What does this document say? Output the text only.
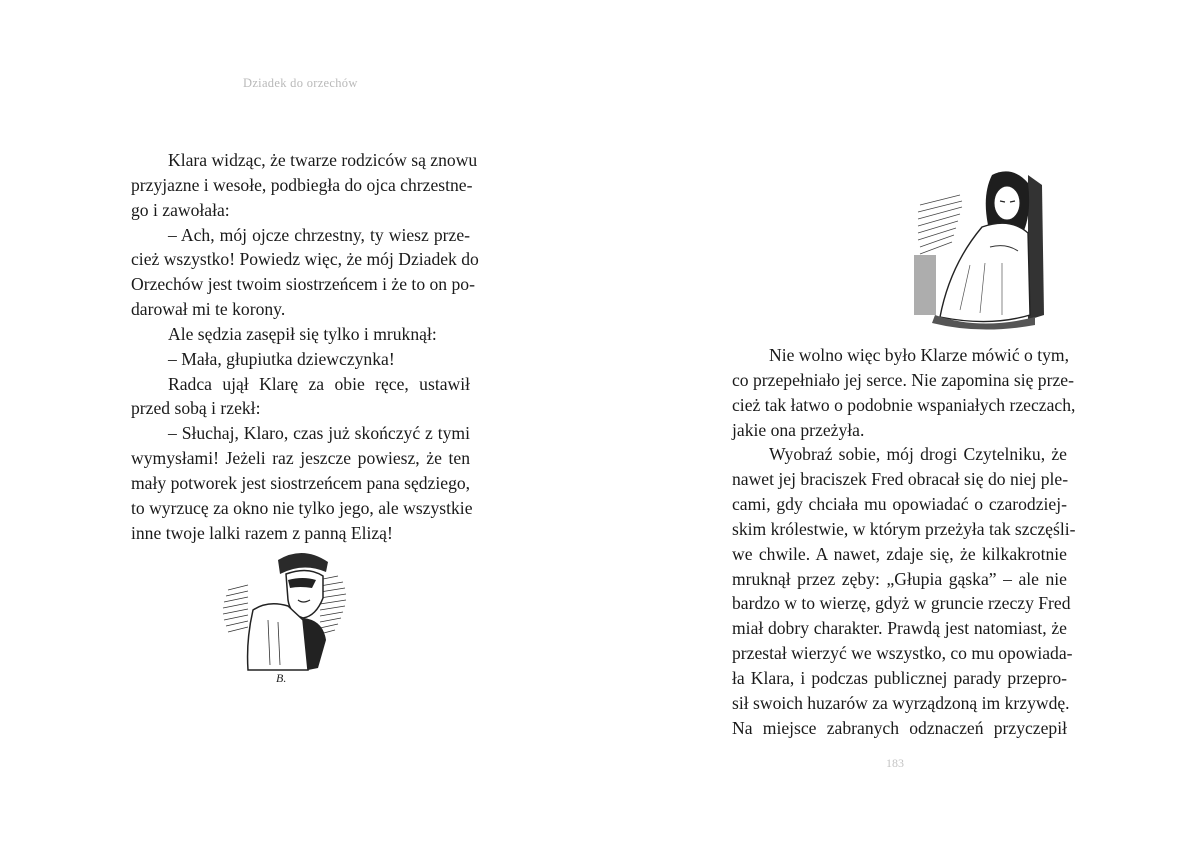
Dziadek do orzechów
Klara widząc, że twarze rodziców są znowu
przyjazne i wesołe, podbiegła do ojca chrzestne-
go i zawołała:
– Ach, mój ojcze chrzestny, ty wiesz prze-
cież wszystko! Powiedz więc, że mój Dziadek do
Orzechów jest twoim siostrzeńcem i że to on po-
darował mi te korony.
Ale sędzia zasępił się tylko i mruknął:
– Mała, głupiutka dziewczynka!
Radca ujął Klarę za obie ręce, ustawił
przed sobą i rzekł:
– Słuchaj, Klaro, czas już skończyć z tymi
wymysłami! Jeżeli raz jeszcze powiesz, że ten
mały potworek jest siostrzeńcem pana sędziego,
to wyrzucę za okno nie tylko jego, ale wszystkie
inne twoje lalki razem z panną Elizą!
B.
Nie wolno więc było Klarze mówić o tym,
co przepełniało jej serce. Nie zapomina się prze-
cież tak łatwo o podobnie wspaniałych rzeczach,
jakie ona przeżyła.
Wyobraź sobie, mój drogi Czytelniku, że
nawet jej braciszek Fred obracał się do niej ple-
cami, gdy chciała mu opowiadać o czarodziej-
skim królestwie, w którym przeżyła tak szczęśli-
we chwile. A nawet, zdaje się, że kilkakrotnie
mruknął przez zęby: „Głupia gąska” – ale nie
bardzo w to wierzę, gdyż w gruncie rzeczy Fred
miał dobry charakter. Prawdą jest natomiast, że
przestał wierzyć we wszystko, co mu opowiada-
ła Klara, i podczas publicznej parady przepro-
sił swoich huzarów za wyrządzoną im krzywdę.
Na miejsce zabranych odznaczeń przyczepił
183
